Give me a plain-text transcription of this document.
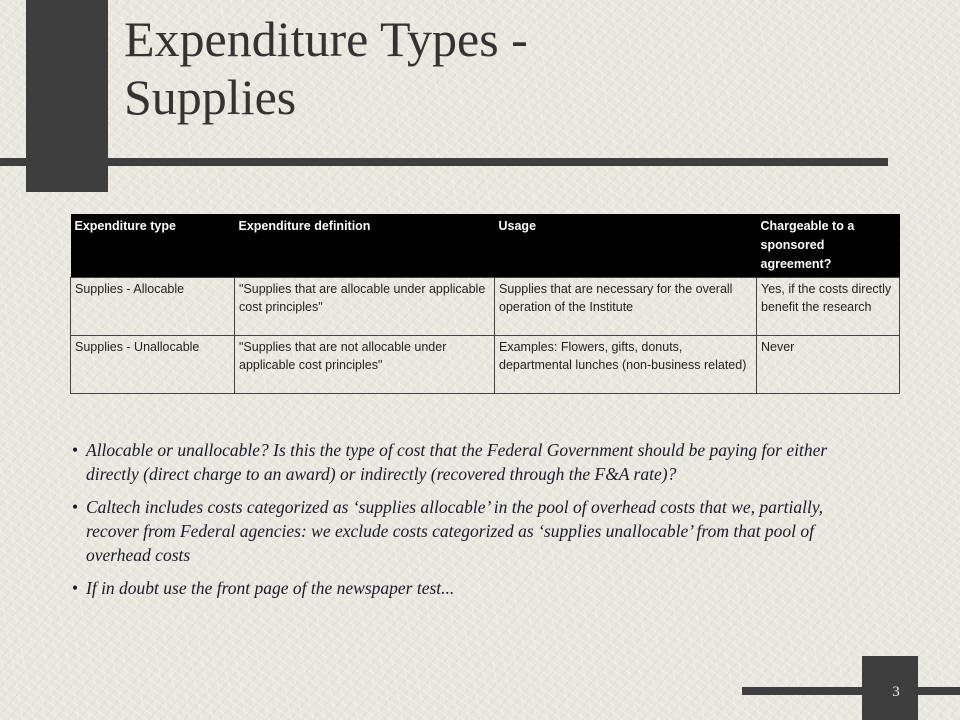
Expenditure Types -
Supplies
Expenditure type	Expenditure definition	Usage	Chargeable to a sponsored agreement?
Supplies - Allocable	"Supplies that are allocable under applicable cost principles"	Supplies that are necessary for the overall operation of the Institute	Yes, if the costs directly benefit the research
Supplies - Unallocable	"Supplies that are not allocable under applicable cost principles"	Examples: Flowers, gifts, donuts, departmental lunches (non-business related)	Never
• Allocable or unallocable? Is this the type of cost that the Federal Government should be paying for either directly (direct charge to an award) or indirectly (recovered through the F&A rate)?
• Caltech includes costs categorized as ‘supplies allocable’ in the pool of overhead costs that we, partially, recover from Federal agencies: we exclude costs categorized as ‘supplies unallocable’ from that pool of overhead costs
• If in doubt use the front page of the newspaper test...
3
